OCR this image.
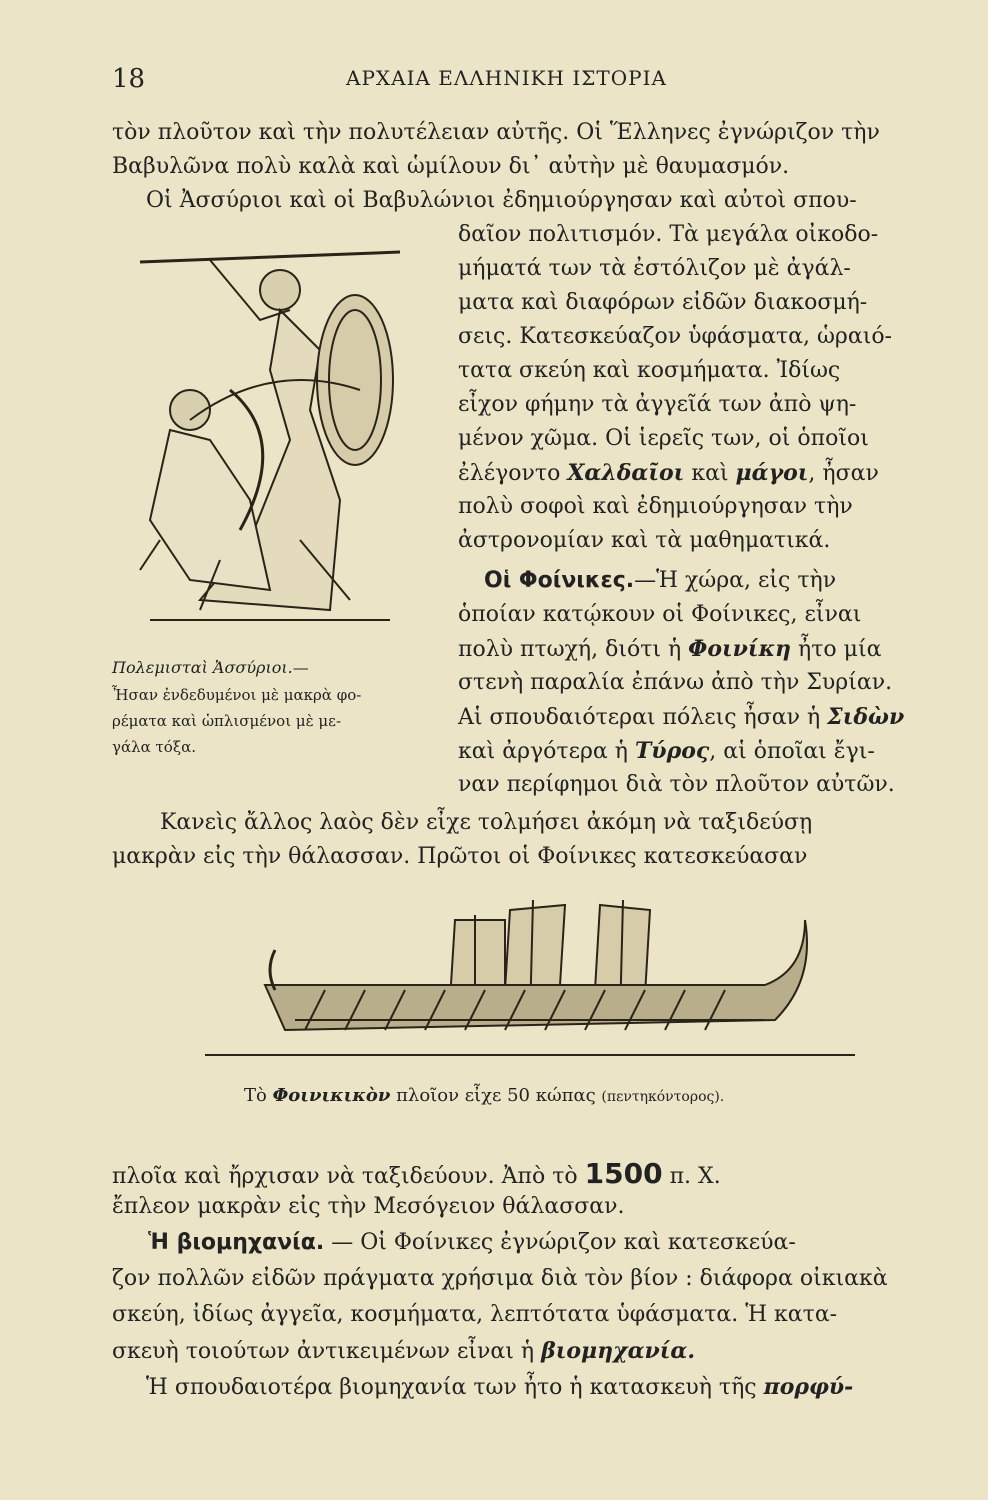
18	ΑΡΧΑΙΑ ΕΛΛΗΝΙΚΗ ΙΣΤΟΡΙΑ
τὸν πλοῦτον καὶ τὴν πολυτέλειαν αὐτῆς. Οἱ Ἕλληνες ἐγνώριζον τὴν
Βαβυλῶνα πολὺ καλὰ καὶ ὡμίλουν δι᾽ αὐτὴν μὲ θαυμασμόν.
Οἱ Ἀσσύριοι καὶ οἱ Βαβυλώνιοι ἐδημιούργησαν καὶ αὐτοὶ σπου-
δαῖον πολιτισμόν. Τὰ μεγάλα οἰκοδο-
μήματά των τὰ ἐστόλιζον μὲ ἀγάλ-
ματα καὶ διαφόρων εἰδῶν διακοσμή-
σεις. Κατεσκεύαζον ὑφάσματα, ὡραιό-
τατα σκεύη καὶ κοσμήματα. Ἰδίως
εἶχον φήμην τὰ ἀγγεῖά των ἀπὸ ψη-
μένον χῶμα. Οἱ ἱερεῖς των, οἱ ὁποῖοι
ἐλέγοντο Χαλδαῖοι καὶ μάγοι, ἦσαν
πολὺ σοφοὶ καὶ ἐδημιούργησαν τὴν
ἀστρονομίαν καὶ τὰ μαθηματικά.
Οἱ Φοίνικες.—Ἡ χώρα, εἰς τὴν
ὁποίαν κατῴκουν οἱ Φοίνικες, εἶναι
πολὺ πτωχή, διότι ἡ Φοινίκη ἦτο μία
στενὴ παραλία ἐπάνω ἀπὸ τὴν Συρίαν.
Αἱ σπουδαιότεραι πόλεις ἦσαν ἡ Σιδὼν
καὶ ἀργότερα ἡ Τύρος, αἱ ὁποῖαι ἔγι-
ναν περίφημοι διὰ τὸν πλοῦτον αὐτῶν.
Κανεὶς ἄλλος λαὸς δὲν εἶχε τολμήσει ἀκόμη νὰ ταξιδεύσῃ
μακρὰν εἰς τὴν θάλασσαν. Πρῶτοι οἱ Φοίνικες κατεσκεύασαν
Πολεμισταὶ Ἀσσύριοι.—
Ἦσαν ἐνδεδυμένοι μὲ μακρὰ φο-
ρέματα καὶ ὡπλισμένοι μὲ με-
γάλα τόξα.
Τὸ Φοινικικὸν πλοῖον εἶχε 50 κώπας (πεντηκόντορος).
πλοῖα καὶ ἤρχισαν νὰ ταξιδεύουν. Ἀπὸ τὸ 1500 π. Χ.
ἔπλεον μακρὰν εἰς τὴν Μεσόγειον θάλασσαν.
Ἡ βιομηχανία. — Οἱ Φοίνικες ἐγνώριζον καὶ κατεσκεύα-
ζον πολλῶν εἰδῶν πράγματα χρήσιμα διὰ τὸν βίον : διάφορα οἰκιακὰ
σκεύη, ἰδίως ἀγγεῖα, κοσμήματα, λεπτότατα ὑφάσματα. Ἡ κατα-
σκευὴ τοιούτων ἀντικειμένων εἶναι ἡ βιομηχανία.
Ἡ σπουδαιοτέρα βιομηχανία των ἦτο ἡ κατασκευὴ τῆς πορφύ-
